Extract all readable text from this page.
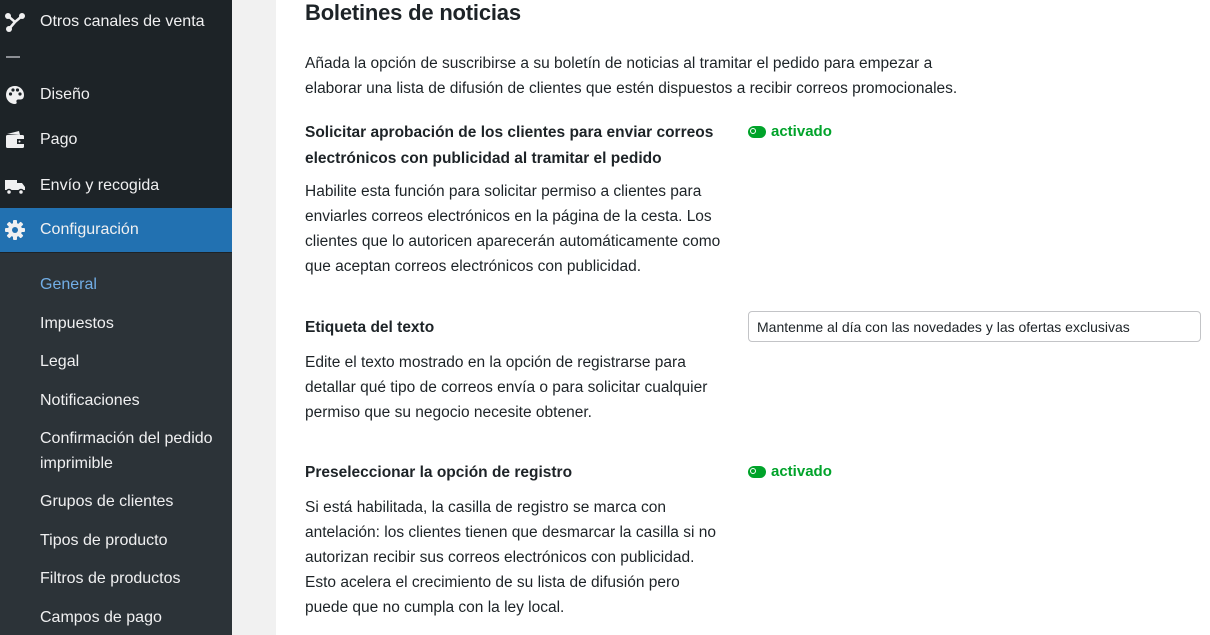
Otros canales de venta
Diseño
Pago
Envío y recogida
Configuración
General
Impuestos
Legal
Notificaciones
Confirmación del pedido imprimible
Grupos de clientes
Tipos de producto
Filtros de productos
Campos de pago
Boletines de noticias

Añada la opción de suscribirse a su boletín de noticias al tramitar el pedido para empezar a elaborar una lista de difusión de clientes que estén dispuestos a recibir correos promocionales.

Solicitar aprobación de los clientes para enviar correos electrónicos con publicidad al tramitar el pedido
Habilite esta función para solicitar permiso a clientes para enviarles correos electrónicos en la página de la cesta. Los clientes que lo autoricen aparecerán automáticamente como que aceptan correos electrónicos con publicidad.
activado
Etiqueta del texto
Edite el texto mostrado en la opción de registrarse para detallar qué tipo de correos envía o para solicitar cualquier permiso que su negocio necesite obtener.
Mantenme al día con las novedades y las ofertas exclusivas
Preseleccionar la opción de registro
Si está habilitada, la casilla de registro se marca con antelación: los clientes tienen que desmarcar la casilla si no autorizan recibir sus correos electrónicos con publicidad. Esto acelera el crecimiento de su lista de difusión pero puede que no cumpla con la ley local.
activado
